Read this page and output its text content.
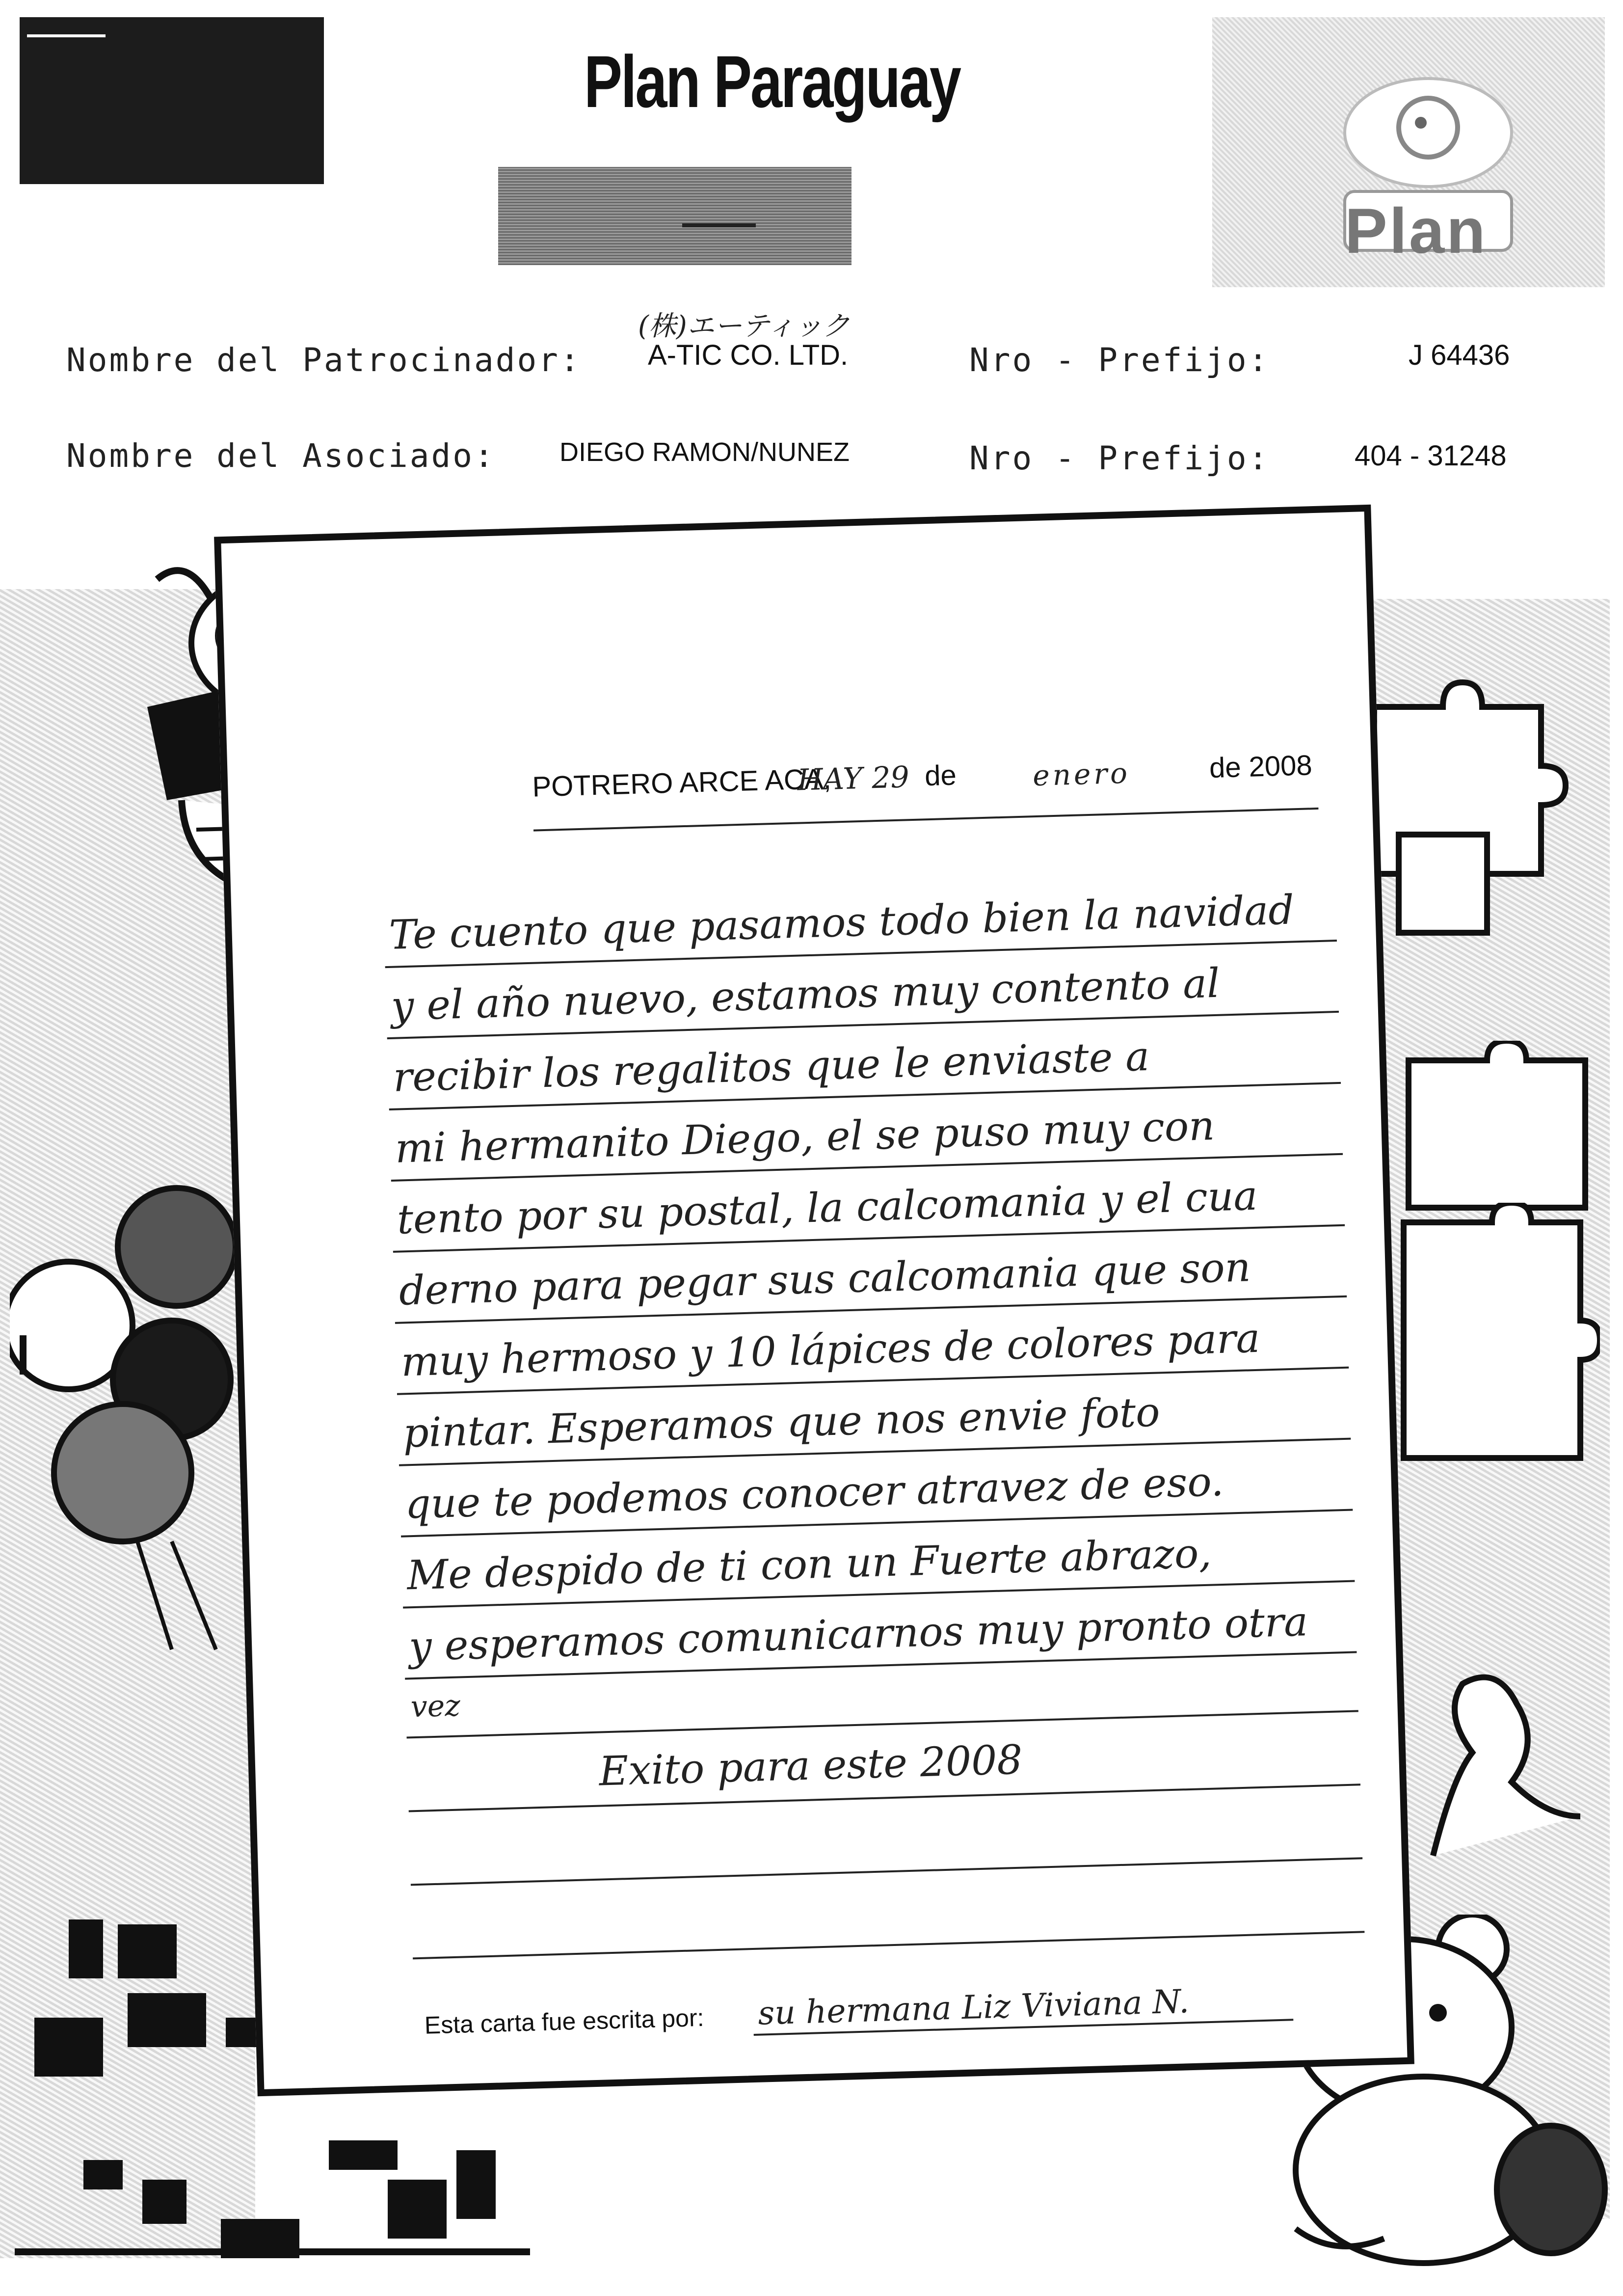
Plan Paraguay
Plan
Nombre del Patrocinador:
(株)エーティック
A-TIC CO. LTD.	Nro - Prefijo:	J 64436
Nombre del Asociado: DIEGO RAMON/NUNEZ	Nro - Prefijo:	404 - 31248
POTRERO ARCE ACA,
HAY 29 de	enero	de 2008
Te cuento que pasamos todo bien la navidad
y el año nuevo, estamos muy contento al
recibir los regalitos que le enviaste a
mi hermanito Diego, el se puso muy con
tento por su postal, la calcomania y el cua
derno para pegar sus calcomania que son
muy hermoso y 10 lápices de colores para
pintar. Esperamos que nos envie foto
que te podemos conocer atravez de eso.
Me despido de ti con un Fuerte abrazo,
y esperamos comunicarnos muy pronto otra
vez
Exito para este 2008
Esta carta fue escrita por: su hermana Liz Viviana N.
